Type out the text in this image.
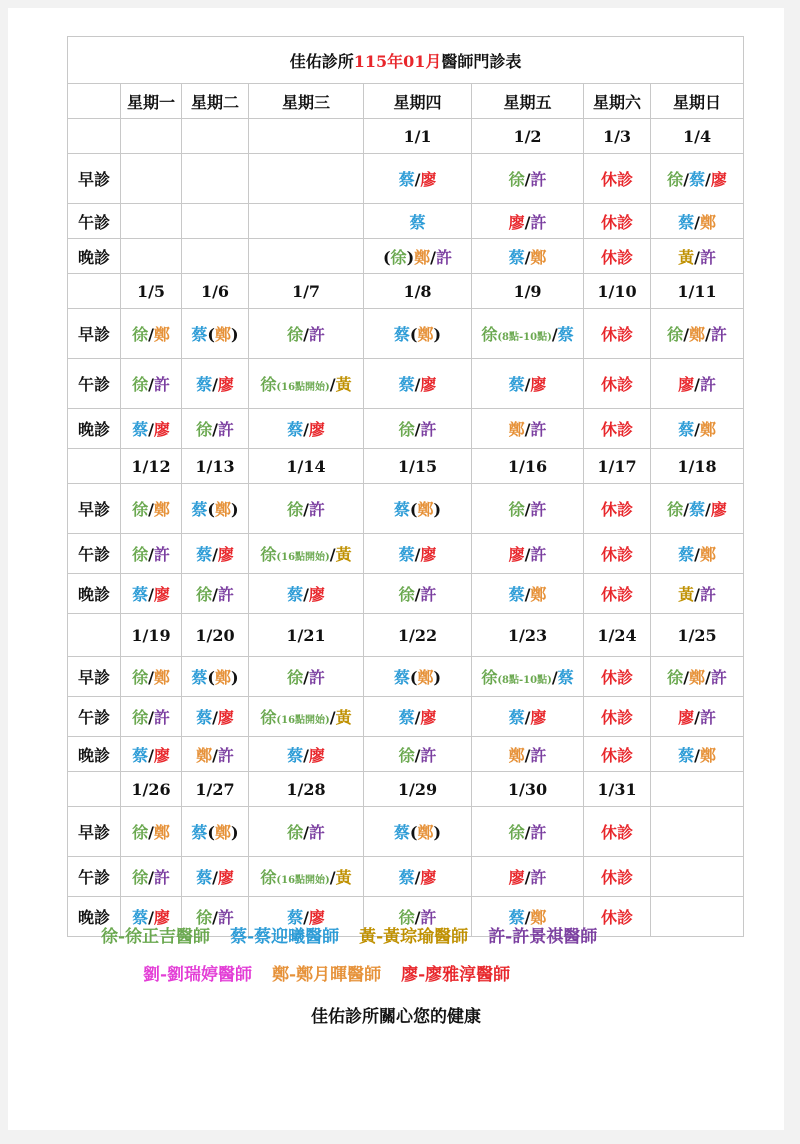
佳佑診所115年01月醫師門診表							
	星期一	星期二	星期三	星期四	星期五	星期六	星期日
				1/1	1/2	1/3	1/4
早診				蔡/廖	徐/許	休診	徐/蔡/廖
午診				蔡	廖/許	休診	蔡/鄭
晚診				(徐)鄭/許	蔡/鄭	休診	黃/許
	1/5	1/6	1/7	1/8	1/9	1/10	1/11
早診	徐/鄭	蔡(鄭)	徐/許	蔡(鄭)	徐(8點-10點)/蔡	休診	徐/鄭/許
午診	徐/許	蔡/廖	徐(16點開始)/黃	蔡/廖	蔡/廖	休診	廖/許
晚診	蔡/廖	徐/許	蔡/廖	徐/許	鄭/許	休診	蔡/鄭
	1/12	1/13	1/14	1/15	1/16	1/17	1/18
早診	徐/鄭	蔡(鄭)	徐/許	蔡(鄭)	徐/許	休診	徐/蔡/廖
午診	徐/許	蔡/廖	徐(16點開始)/黃	蔡/廖	廖/許	休診	蔡/鄭
晚診	蔡/廖	徐/許	蔡/廖	徐/許	蔡/鄭	休診	黃/許
	1/19	1/20	1/21	1/22	1/23	1/24	1/25
早診	徐/鄭	蔡(鄭)	徐/許	蔡(鄭)	徐(8點-10點)/蔡	休診	徐/鄭/許
午診	徐/許	蔡/廖	徐(16點開始)/黃	蔡/廖	蔡/廖	休診	廖/許
晚診	蔡/廖	鄭/許	蔡/廖	徐/許	鄭/許	休診	蔡/鄭
	1/26	1/27	1/28	1/29	1/30	1/31	
早診	徐/鄭	蔡(鄭)	徐/許	蔡(鄭)	徐/許	休診	
午診	徐/許	蔡/廖	徐(16點開始)/黃	蔡/廖	廖/許	休診	
晚診	蔡/廖	徐/許	蔡/廖	徐/許	蔡/鄭	休診	
徐-徐正吉醫師 蔡-蔡迎曦醫師 黃-黃琮瑜醫師 許-許景祺醫師
劉-劉瑞婷醫師 鄭-鄭月暉醫師 廖-廖雅淳醫師
佳佑診所關心您的健康
